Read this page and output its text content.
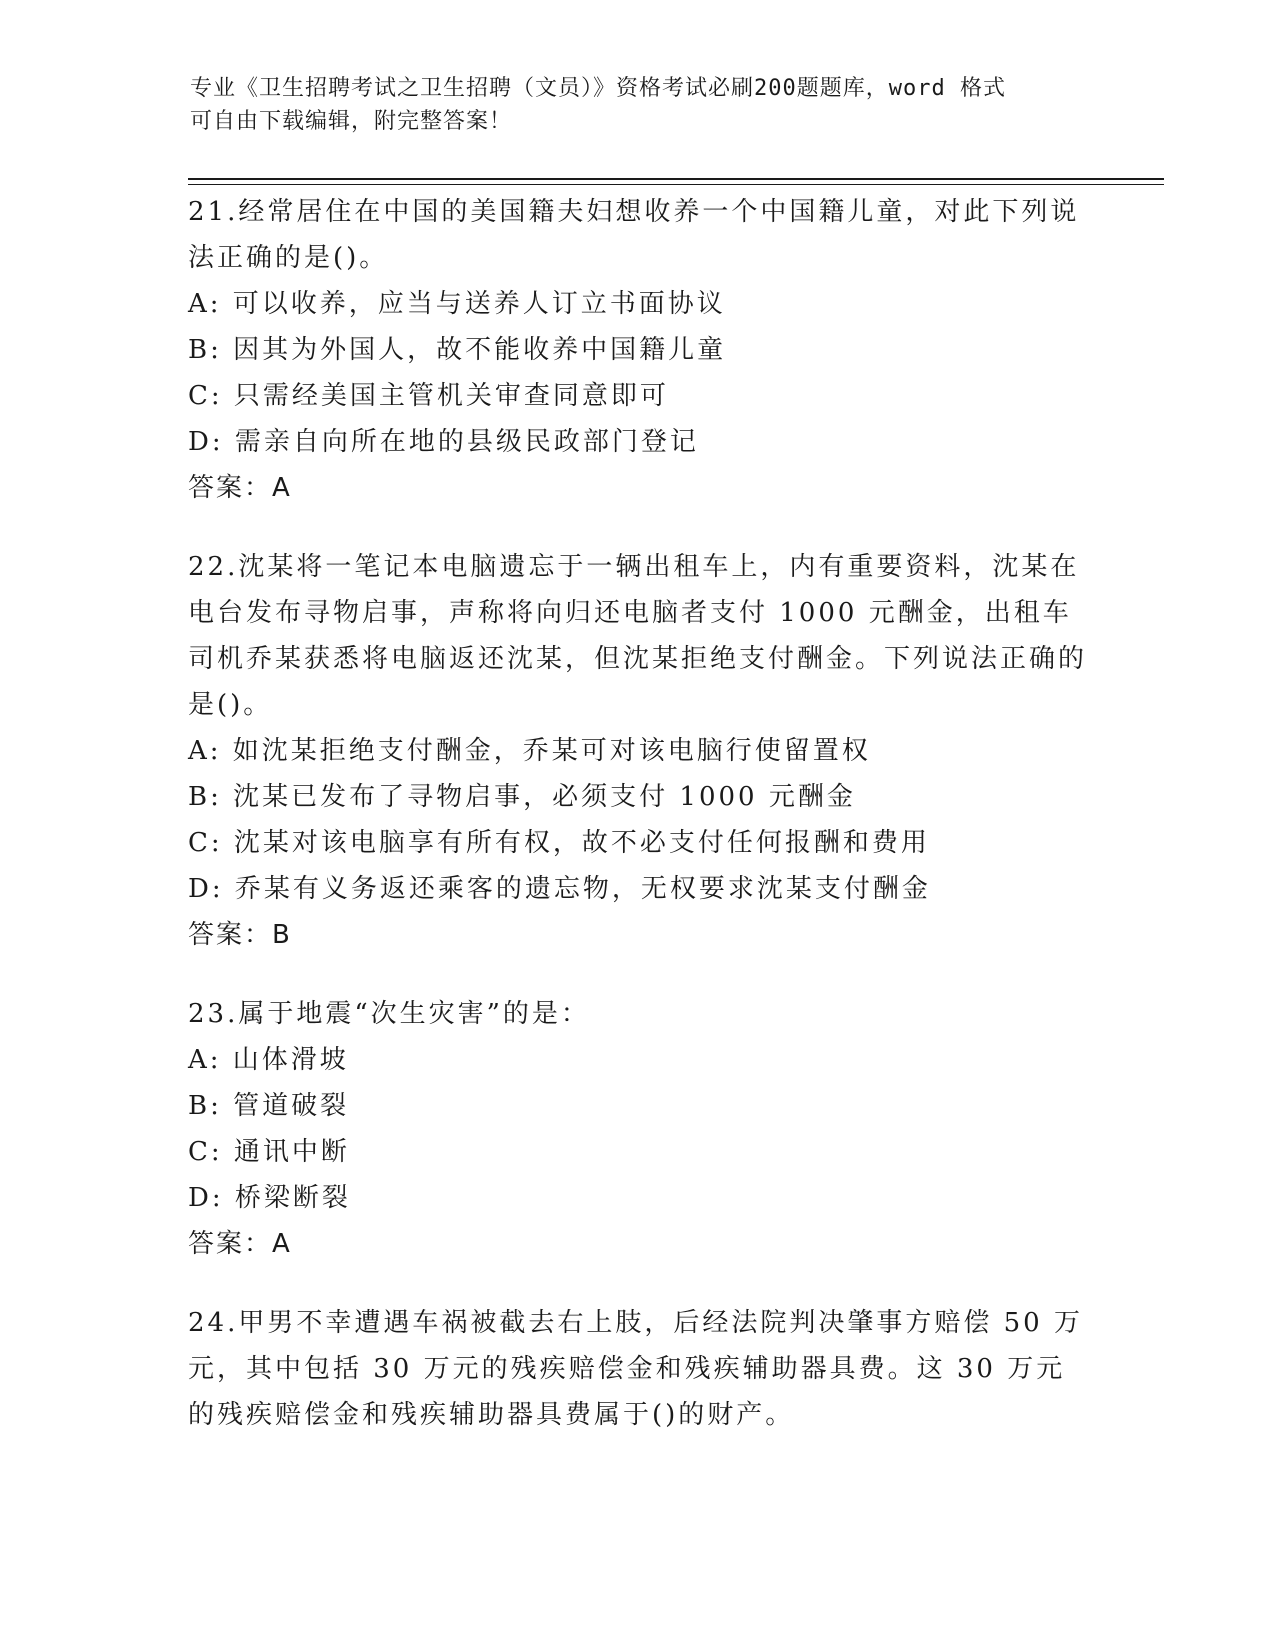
专业《卫生招聘考试之卫生招聘（文员）》资格考试必刷200题题库，word 格式
可自由下载编辑，附完整答案！
21.经常居住在中国的美国籍夫妇想收养一个中国籍儿童，对此下列说法正确的是()。
A: 可以收养，应当与送养人订立书面协议
B: 因其为外国人，故不能收养中国籍儿童
C: 只需经美国主管机关审查同意即可
D: 需亲自向所在地的县级民政部门登记
答案：A
22.沈某将一笔记本电脑遗忘于一辆出租车上，内有重要资料，沈某在电台发布寻物启事，声称将向归还电脑者支付 1000 元酬金，出租车司机乔某获悉将电脑返还沈某，但沈某拒绝支付酬金。下列说法正确的是()。
A: 如沈某拒绝支付酬金，乔某可对该电脑行使留置权
B: 沈某已发布了寻物启事，必须支付 1000 元酬金
C: 沈某对该电脑享有所有权，故不必支付任何报酬和费用
D: 乔某有义务返还乘客的遗忘物，无权要求沈某支付酬金
答案：B
23.属于地震“次生灾害”的是：
A: 山体滑坡
B: 管道破裂
C: 通讯中断
D: 桥梁断裂
答案：A
24.甲男不幸遭遇车祸被截去右上肢，后经法院判决肇事方赔偿 50 万元，其中包括 30 万元的残疾赔偿金和残疾辅助器具费。这 30 万元的残疾赔偿金和残疾辅助器具费属于()的财产。
